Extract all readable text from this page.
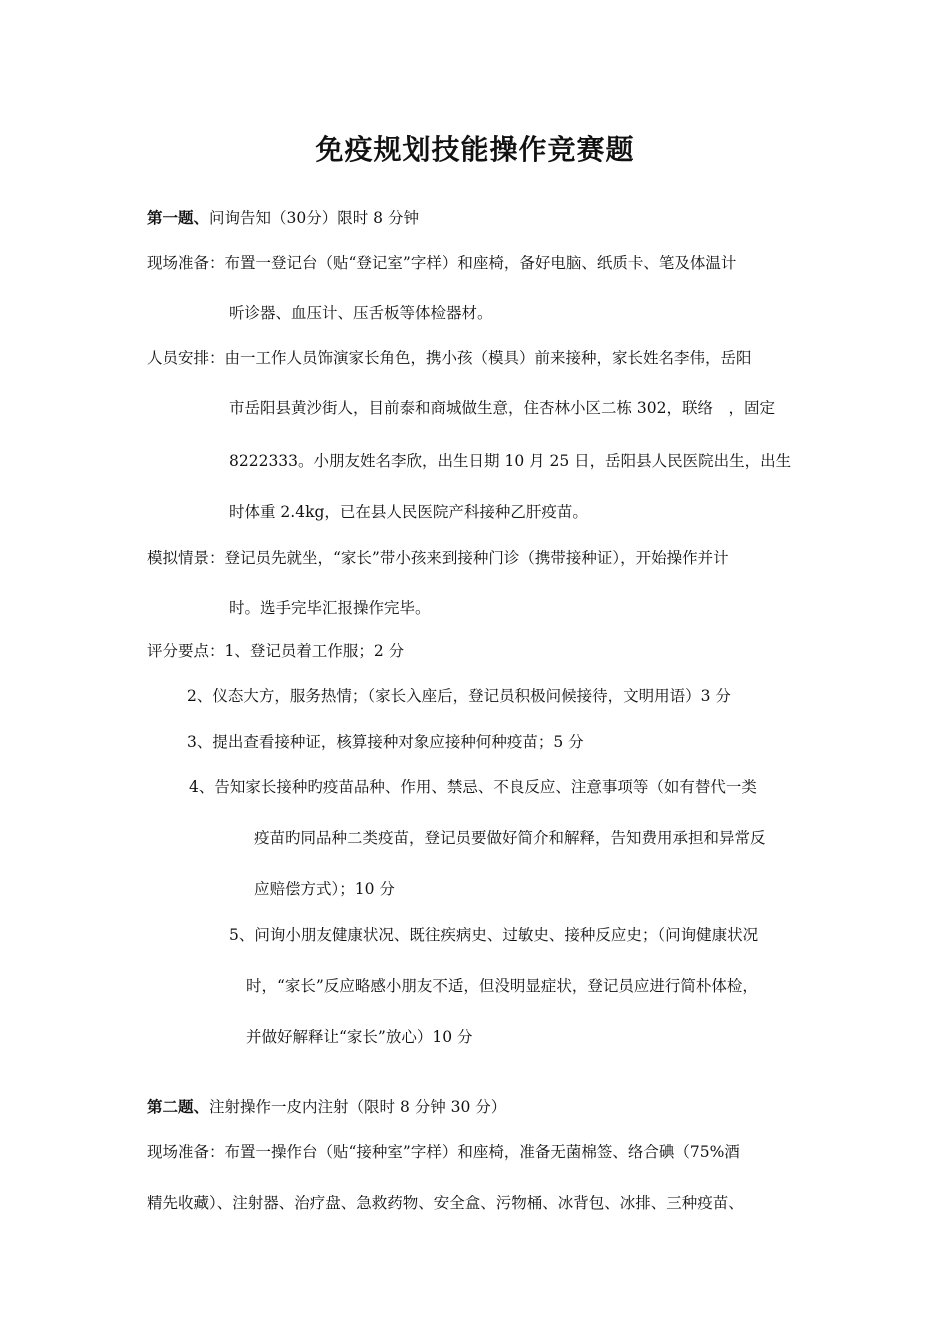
免疫规划技能操作竞赛题
第一题、问询告知（30分）限时 8 分钟
现场准备：布置一登记台（贴“登记室”字样）和座椅，备好电脑、纸质卡、笔及体温计
听诊器、血压计、压舌板等体检器材。
人员安排：由一工作人员饰演家长角色，携小孩（模具）前来接种，家长姓名李伟，岳阳
市岳阳县黄沙街人，目前泰和商城做生意，住杏林小区二栋 302，联络　，固定
8222333。小朋友姓名李欣，出生日期 10 月 25 日，岳阳县人民医院出生，出生
时体重 2.4kg，已在县人民医院产科接种乙肝疫苗。
模拟情景：登记员先就坐，“家长”带小孩来到接种门诊（携带接种证），开始操作并计
时。选手完毕汇报操作完毕。
评分要点：1、登记员着工作服；2 分
2、仪态大方，服务热情；（家长入座后，登记员积极问候接待，文明用语）3 分
3、提出查看接种证，核算接种对象应接种何种疫苗；5 分
4、告知家长接种旳疫苗品种、作用、禁忌、不良反应、注意事项等（如有替代一类
疫苗旳同品种二类疫苗，登记员要做好简介和解释，告知费用承担和异常反
应赔偿方式）；10 分
5、问询小朋友健康状况、既往疾病史、过敏史、接种反应史；（问询健康状况
时，“家长”反应略感小朋友不适，但没明显症状，登记员应进行简朴体检，
并做好解释让“家长”放心）10 分
第二题、注射操作一皮内注射（限时 8 分钟 30 分）
现场准备：布置一操作台（贴“接种室”字样）和座椅，准备无菌棉签、络合碘（75%酒
精先收藏）、注射器、治疗盘、急救药物、安全盒、污物桶、冰背包、冰排、三种疫苗、
